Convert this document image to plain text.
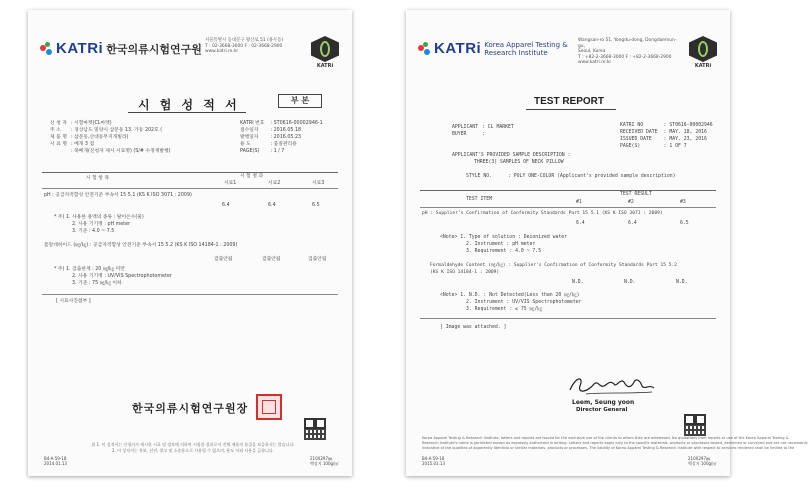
KATRi 한국의류시험연구원
서울특별시 동대문구 왕산로 51 (용두동)
T : 02-3668-3000 F : 02-3668-2900
www.katri.re.kr
KATRi
시 험 성 적 서	부 본
신 청 자 : 시험마켓(CL마켓)
주 소	: 경상남도 밀양시 삼문동 13, 가동 202호 (
제 품 명 : 삼문동,산대동무지개빌라)
시 료 명 : 베개 3 점
: 목베개(신청자 제시 시료명) (S/# 수정재발행)
KATRI 번호 : ST0616-00002946-1
접수일자	: 2016.05.18
발행일자	: 2016.05.23
용 도	: 품질관리용
PAGE(S)	: 1 / 7
시 험 항 목	시 험 결 과
시료1	시료2	시료3
pH : 공급자적합성 안전기준 부속서 15 5.1 (KS K ISO 3071 : 2009)
6.4	6.4	6.5
* 주) 1. 사용한 용액의 종류 : 탈이온수(물)
2. 사용 기기명 : pH meter
3. 기준 : 4.0 ~ 7.5
폼알데하이드 (㎎/㎏) : 공급자적합성 안전기준 부속서 15 5.2 (KS K ISO 14184-1 : 2009)
검출안됨	검출안됨	검출안됨
* 주) 1. 검출한계 : 20 ㎎/㎏ 미만
2. 사용 기기명 : UV/VIS Spectrophotometer
3. 기준 : 75 ㎎/㎏ 이하
[ 시료사진첨부 ]
한국의류시험연구원장
위 1. 이 성적서는 신청자가 제시한 시료 및 정보에 의하여 시험한 결과로서 전체 제품의 품질을 보증하지는 않습니다.
2. 이 성적서는 홍보, 선전, 광고 및 소송용으로 사용될 수 없으며, 용도 이외 사용을 금합니다.
B4-A-59-18
2014.01.13
210X297㎜
백상지 100g/㎡
KATRi Korea Apparel Testing &
Research Institute
Wangsan-ro 51, Yongdu-dong, Dongdaemun-gu,
Seoul, Korea
T : +82-2-3668-3000 F : +82-2-3668-2900
www.katri.re.kr
KATRi
TEST REPORT
APPLICANT : CL MARKET
BUYER	:
KATRI NO	: ST0616-00002946
RECEIVED DATE : MAY. 18, 2016
ISSUED DATE	: MAY. 23, 2016
PAGE(S)	: 1 OF 7
APPLICANT'S PROVIDED SAMPLE DESCRIPTION :
THREE(3) SAMPLES OF NECK PILLOW
STYLE NO.	: POLY ONE-COLOR (Applicant's provided sample description)
TEST ITEM
TEST RESULT
#1	#2	#3
pH : Supplier's Confirmation of Conformity Standards Part 15 5.1 (KS K ISO 3071 : 2009)
6.4	6.4	6.5
<Note> 1. Type of solution : Deionized water
2. Instrument : pH meter
3. Requirement : 4.0 ~ 7.5
Formaldehyde Content (㎎/㎏) : Supplier's Confirmation of Conformity Standards Part 15 5.2
(KS K ISO 14184-1 : 2009)
N.D.	N.D.	N.D.
<Note> 1. N.D. : Not Detected(Less than 20 ㎎/㎏)
2. Instrument : UV/VIS Spectrophotometer
3. Requirement : ≤ 75 ㎎/㎏
[ Image was attached. ]
Leem, Seung yoon
Director General
Korea Apparel Testing & Research Institute, letters and reports are issued for the exclusive use of the clients to whom they are addressed. No quotations from reports or use of the Korea Apparel Testing &
Research Institute's name is permitted except as expressly authorized in writing. Letters and reports apply only to the specific materials, products or processes tested, examined or surveyed and are not necessarily
indicative of the qualities of apparently identical or similar materials, products or processes. The liability of Korea Apparel Testing & Research Institute with respect to services rendered shall be limited to the
B4-A-59-18
2015.01.13
210X297㎜
백상지 100g/㎡
